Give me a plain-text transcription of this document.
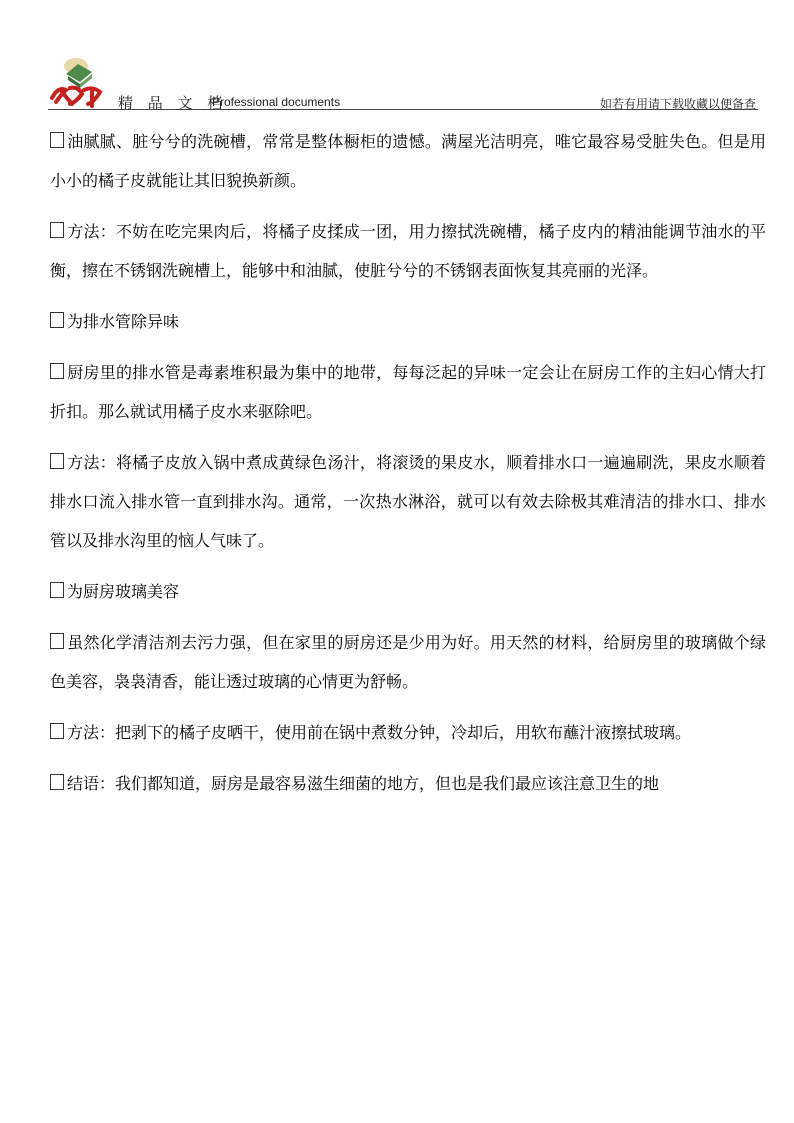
精 品 文 档
Professional documents	如若有用请下载收藏以便备查

油腻腻、脏兮兮的洗碗槽，常常是整体橱柜的遗憾。满屋光洁明亮，唯它最容易受脏失色。但是用小小的橘子皮就能让其旧貌换新颜。

方法：不妨在吃完果肉后，将橘子皮揉成一团，用力擦拭洗碗槽，橘子皮内的精油能调节油水的平衡，擦在不锈钢洗碗槽上，能够中和油腻，使脏兮兮的不锈钢表面恢复其亮丽的光泽。

为排水管除异味

厨房里的排水管是毒素堆积最为集中的地带，每每泛起的异味一定会让在厨房工作的主妇心情大打折扣。那么就试用橘子皮水来驱除吧。

方法：将橘子皮放入锅中煮成黄绿色汤汁，将滚烫的果皮水，顺着排水口一遍遍刷洗，果皮水顺着排水口流入排水管一直到排水沟。通常，一次热水淋浴，就可以有效去除极其难清洁的排水口、排水管以及排水沟里的恼人气味了。

为厨房玻璃美容

虽然化学清洁剂去污力强，但在家里的厨房还是少用为好。用天然的材料，给厨房里的玻璃做个绿色美容，袅袅清香，能让透过玻璃的心情更为舒畅。

方法：把剥下的橘子皮晒干，使用前在锅中煮数分钟，冷却后，用软布蘸汁液擦拭玻璃。

结语：我们都知道，厨房是最容易滋生细菌的地方，但也是我们最应该注意卫生的地
